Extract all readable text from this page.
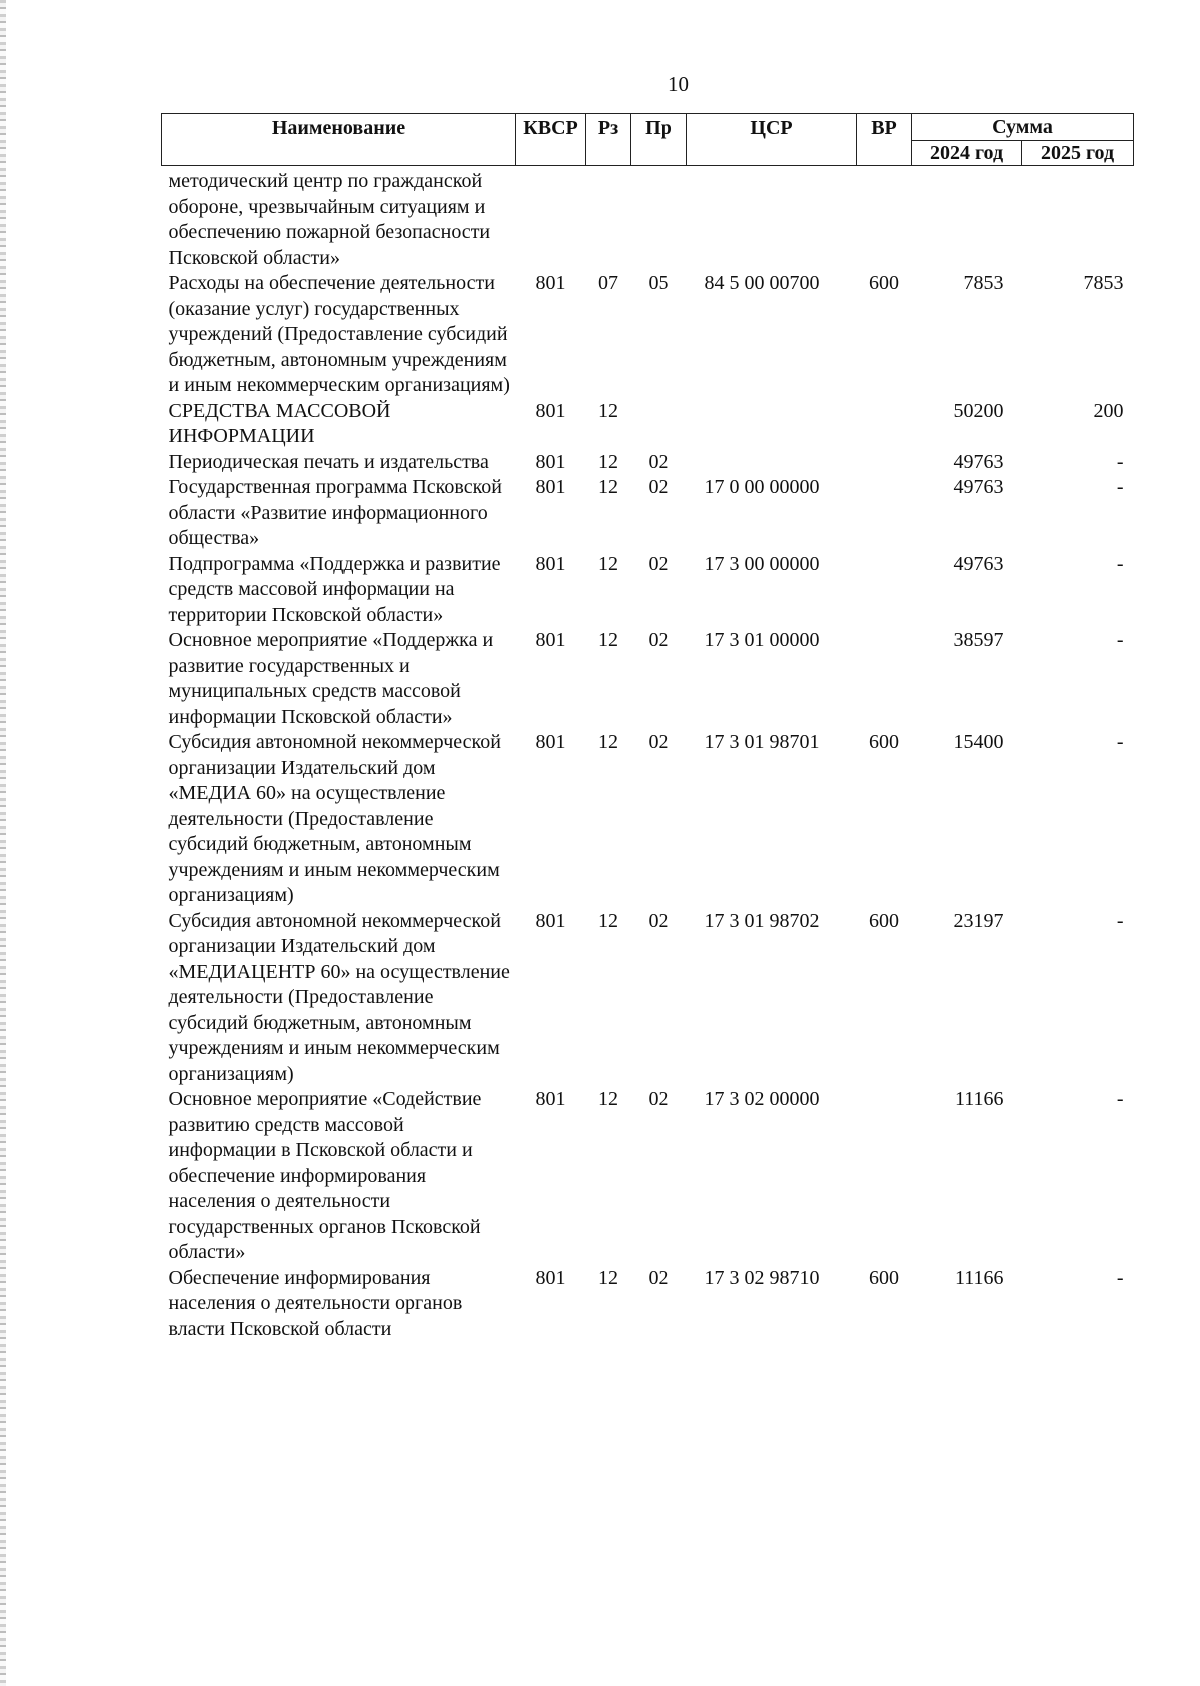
10
Наименование	КВСР	Рз	Пр	ЦСР	ВР	Сумма	
						2024 год	2025 год
методический центр по гражданской обороне, чрезвычайным ситуациям и обеспечению пожарной безопасности Псковской области»							
Расходы на обеспечение деятельности (оказание услуг) государственных учреждений (Предоставление субсидий бюджетным, автономным учреждениям и иным некоммерческим организациям)	801	07	05	84 5 00 00700	600	7853	7853
СРЕДСТВА МАССОВОЙ ИНФОРМАЦИИ	801	12				50200	200
Периодическая печать и издательства	801	12	02			49763	-
Государственная программа Псковской области «Развитие информационного общества»	801	12	02	17 0 00 00000		49763	-
Подпрограмма «Поддержка и развитие средств массовой информации на территории Псковской области»	801	12	02	17 3 00 00000		49763	-
Основное мероприятие «Поддержка и развитие государственных и муниципальных средств массовой информации Псковской области»	801	12	02	17 3 01 00000		38597	-
Субсидия автономной некоммерческой организации Издательский дом «МЕДИА 60» на осуществление деятельности (Предоставление субсидий бюджетным, автономным учреждениям и иным некоммерческим организациям)	801	12	02	17 3 01 98701	600	15400	-
Субсидия автономной некоммерческой организации Издательский дом «МЕДИАЦЕНТР 60» на осуществление деятельности (Предоставление субсидий бюджетным, автономным учреждениям и иным некоммерческим организациям)	801	12	02	17 3 01 98702	600	23197	-
Основное мероприятие «Содействие развитию средств массовой информации в Псковской области и обеспечение информирования населения о деятельности государственных органов Псковской области»	801	12	02	17 3 02 00000		11166	-
Обеспечение информирования населения о деятельности органов власти Псковской области	801	12	02	17 3 02 98710	600	11166	-
